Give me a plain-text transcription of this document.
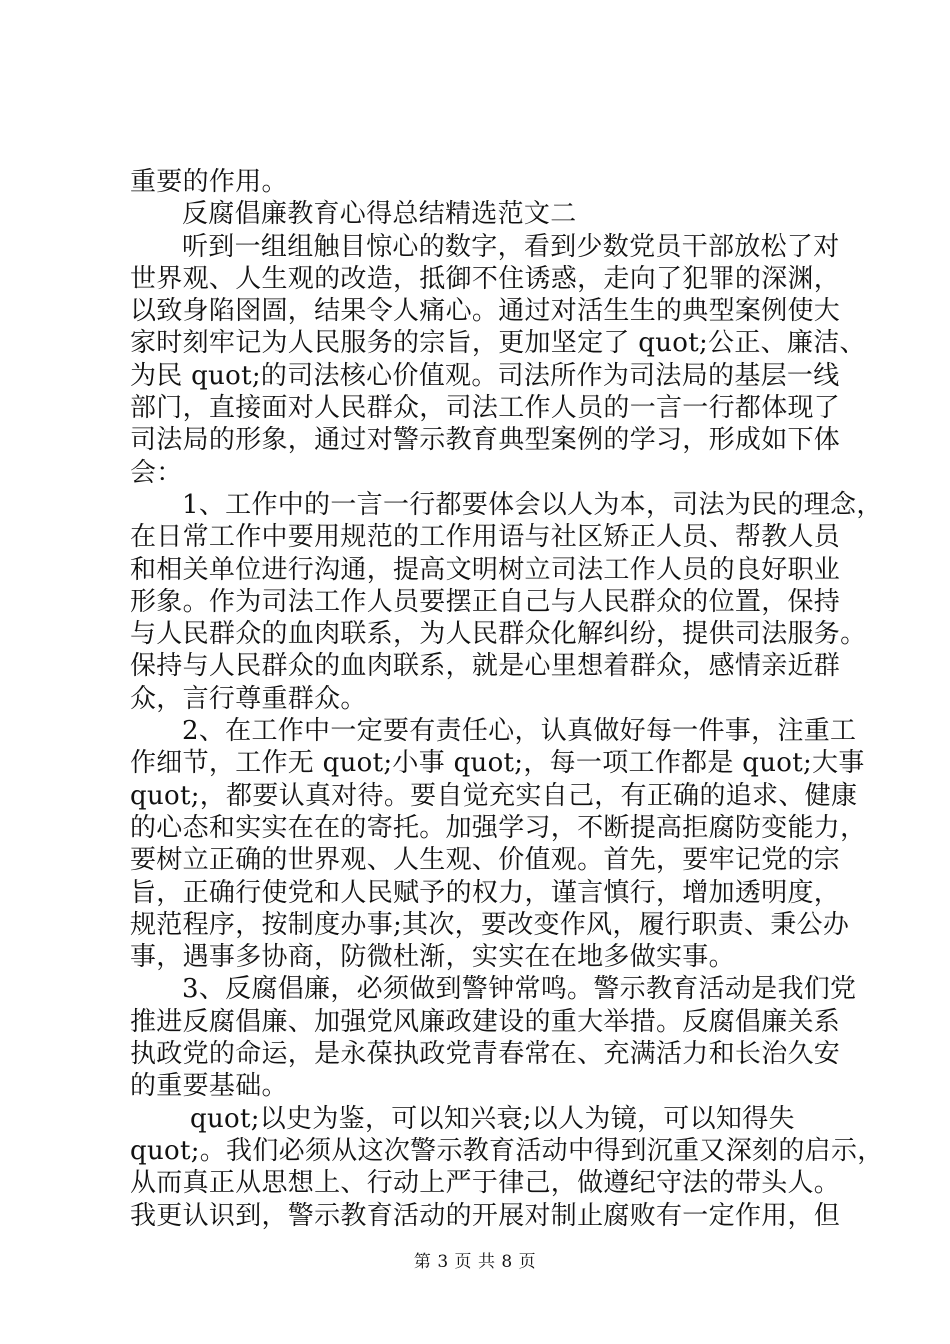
重要的作用。
反腐倡廉教育心得总结精选范文二
听到一组组触目惊心的数字，看到少数党员干部放松了对
世界观、人生观的改造，抵御不住诱惑，走向了犯罪的深渊，
以致身陷囹圄，结果令人痛心。通过对活生生的典型案例使大
家时刻牢记为人民服务的宗旨，更加坚定了 quot;公正、廉洁、
为民 quot;的司法核心价值观。司法所作为司法局的基层一线
部门，直接面对人民群众，司法工作人员的一言一行都体现了
司法局的形象，通过对警示教育典型案例的学习，形成如下体
会：
1、工作中的一言一行都要体会以人为本，司法为民的理念，
在日常工作中要用规范的工作用语与社区矫正人员、帮教人员
和相关单位进行沟通，提高文明树立司法工作人员的良好职业
形象。作为司法工作人员要摆正自己与人民群众的位置，保持
与人民群众的血肉联系，为人民群众化解纠纷，提供司法服务。
保持与人民群众的血肉联系，就是心里想着群众，感情亲近群
众，言行尊重群众。
2、在工作中一定要有责任心，认真做好每一件事，注重工
作细节，工作无 quot;小事 quot;，每一项工作都是 quot;大事
quot;，都要认真对待。要自觉充实自己，有正确的追求、健康
的心态和实实在在的寄托。加强学习，不断提高拒腐防变能力，
要树立正确的世界观、人生观、价值观。首先，要牢记党的宗
旨，正确行使党和人民赋予的权力，谨言慎行，增加透明度，
规范程序，按制度办事;其次，要改变作风，履行职责、秉公办
事，遇事多协商，防微杜渐，实实在在地多做实事。
3、反腐倡廉，必须做到警钟常鸣。警示教育活动是我们党
推进反腐倡廉、加强党风廉政建设的重大举措。反腐倡廉关系
执政党的命运，是永葆执政党青春常在、充满活力和长治久安
的重要基础。
quot;以史为鉴，可以知兴衰;以人为镜，可以知得失
quot;。我们必须从这次警示教育活动中得到沉重又深刻的启示，
从而真正从思想上、行动上严于律己，做遵纪守法的带头人。
我更认识到，警示教育活动的开展对制止腐败有一定作用，但
第 3 页 共 8 页
